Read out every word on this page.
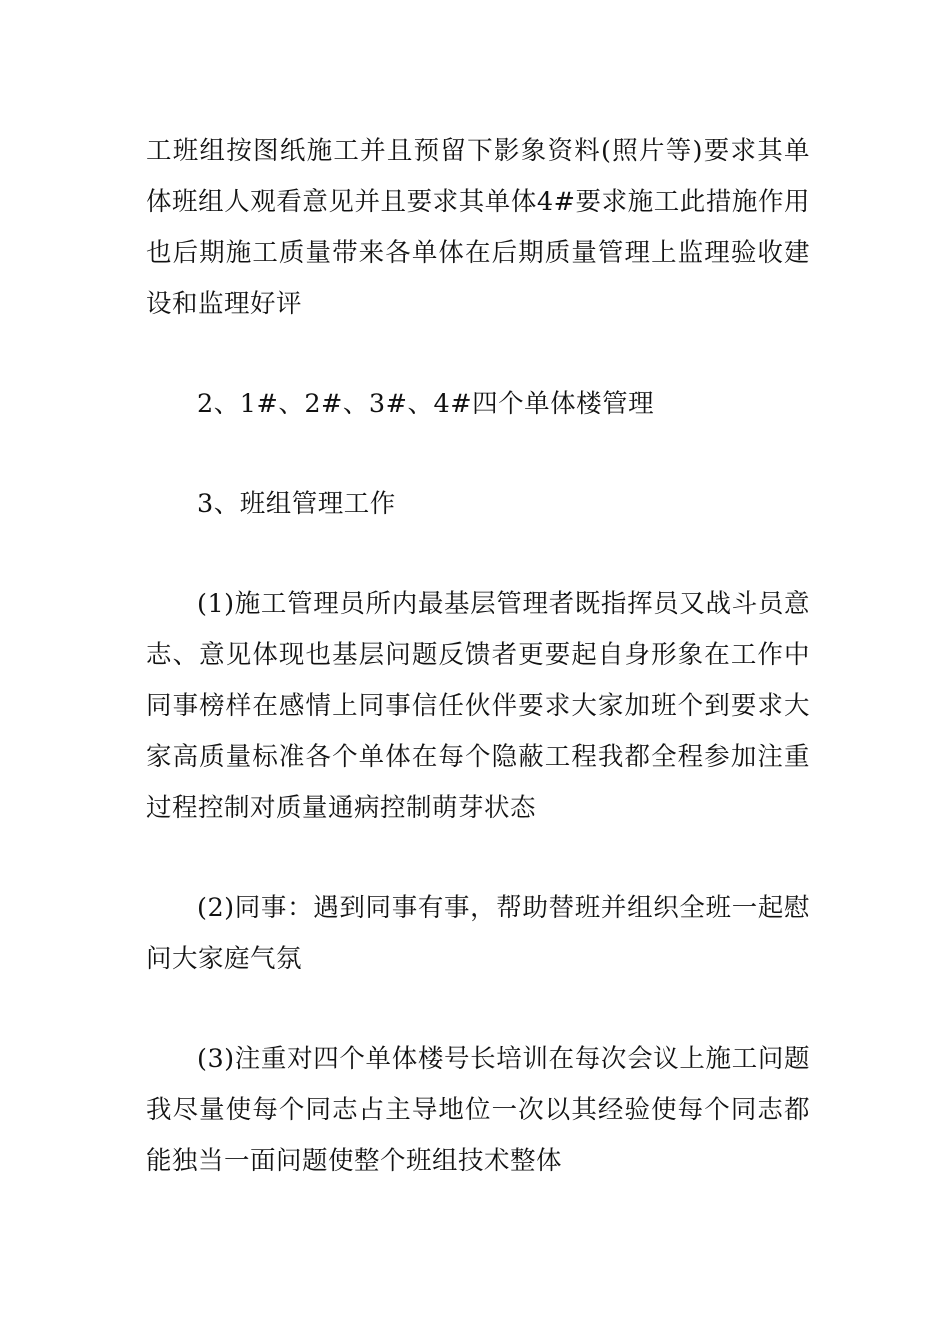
工班组按图纸施工并且预留下影象资料(照片等)要求其单体班组人观看意见并且要求其单体4#要求施工此措施作用也后期施工质量带来各单体在后期质量管理上监理验收建设和监理好评

2、1#、2#、3#、4#四个单体楼管理

3、班组管理工作

(1)施工管理员所内最基层管理者既指挥员又战斗员意志、意见体现也基层问题反馈者更要起自身形象在工作中同事榜样在感情上同事信任伙伴要求大家加班个到要求大家高质量标准各个单体在每个隐蔽工程我都全程参加注重过程控制对质量通病控制萌芽状态

(2)同事：遇到同事有事，帮助替班并组织全班一起慰问大家庭气氛

(3)注重对四个单体楼号长培训在每次会议上施工问题我尽量使每个同志占主导地位一次以其经验使每个同志都能独当一面问题使整个班组技术整体
